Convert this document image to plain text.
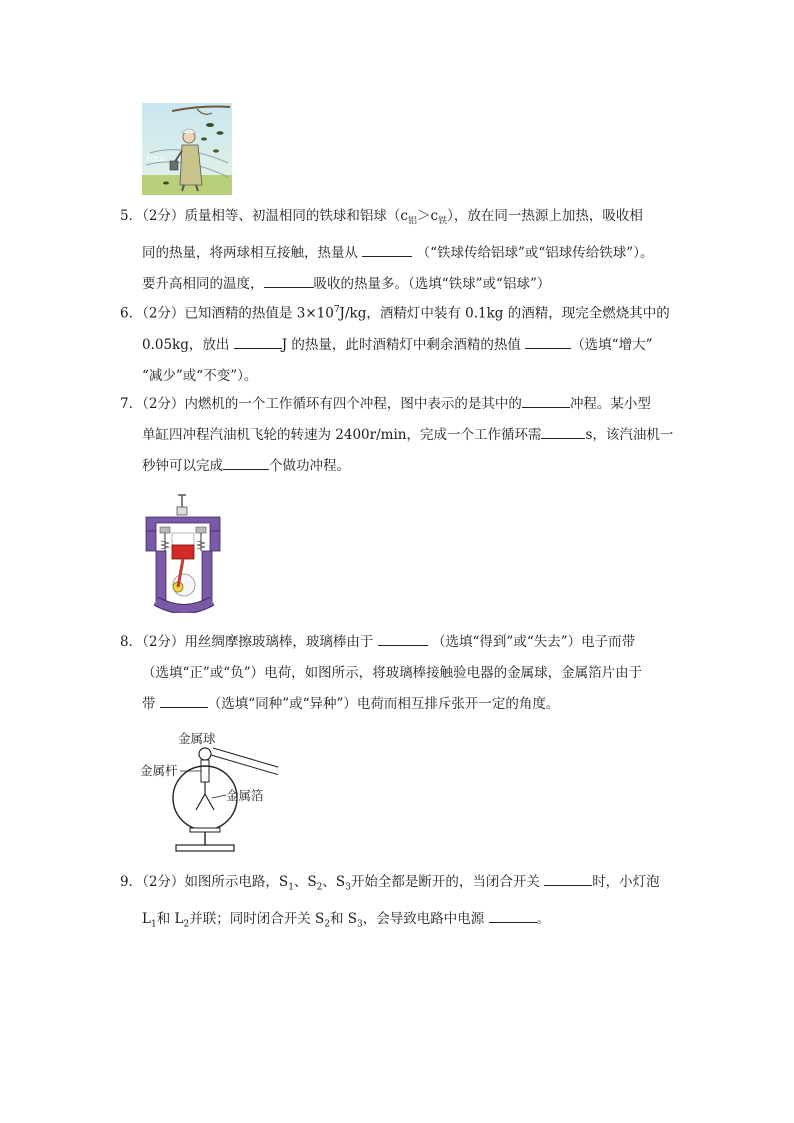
Free

5．（2分）质量相等、初温相同的铁球和铝球$(c_铝>c_铁)$，放在同一热源上加热，吸收相

同的热量，将两球相互接触，热量从	（“铁球传给铝球”或“铝球传给铁球”）。

要升高相同的温度，	吸收的热量多。（选填“铁球”或“铝球”）

6．（2分）已知酒精的热值是 $3\times 10^7J/kg$，酒精灯中装有 0.1kg 的酒精，现完全燃烧其中的

0.05kg，放出	J 的热量，此时酒精灯中剩余酒精的热值	（选填“增大”

“减少”或“不变”）。

7．（2分）内燃机的一个工作循环有四个冲程，图中表示的是其中的	冲程。某小型

单缸四冲程汽油机飞轮的转速为 2400r/min，完成一个工作循环需	s，该汽油机一

秒钟可以完成	个做功冲程。

8．（2分）用丝绸摩擦玻璃棒，玻璃棒由于	（选填“得到”或“失去”）电子而带

（选填“正”或“负”）电荷，如图所示，将玻璃棒接触验电器的金属球，金属箔片由于

带	（选填“同种”或“异种”）电荷而相互排斥张开一定的角度。

金属球
金属杆
金属箔

9．（2分）如图所示电路，$S_1$、$S_2$、$S_3$开始全都是断开的，当闭合开关	时，小灯泡

$L_1$和 $L_2$并联；同时闭合开关 $S_2$和 $S_3$，会导致电路中电源	。
